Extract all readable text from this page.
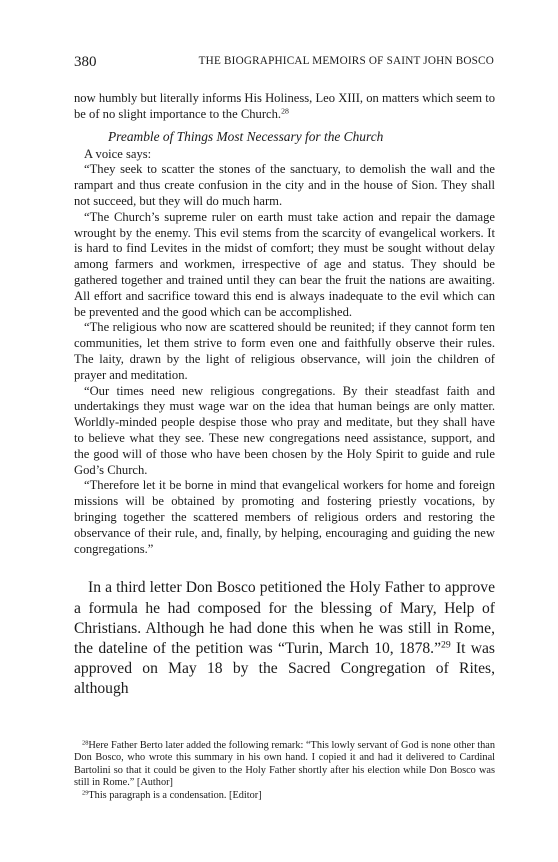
380	THE BIOGRAPHICAL MEMOIRS OF SAINT JOHN BOSCO

now humbly but literally informs His Holiness, Leo XIII, on matters which seem to be of no slight importance to the Church.$^{28}$

Preamble of Things Most Necessary for the Church

A voice says:

“They seek to scatter the stones of the sanctuary, to demolish the wall and the rampart and thus create confusion in the city and in the house of Sion. They shall not succeed, but they will do much harm.

“The Church’s supreme ruler on earth must take action and repair the damage wrought by the enemy. This evil stems from the scarcity of evangelical workers. It is hard to find Levites in the midst of comfort; they must be sought without delay among farmers and workmen, irrespective of age and status. They should be gathered together and trained until they can bear the fruit the nations are awaiting. All effort and sacrifice toward this end is always inadequate to the evil which can be prevented and the good which can be accomplished.

“The religious who now are scattered should be reunited; if they cannot form ten communities, let them strive to form even one and faithfully observe their rules. The laity, drawn by the light of religious observance, will join the children of prayer and meditation.

“Our times need new religious congregations. By their steadfast faith and undertakings they must wage war on the idea that human beings are only matter. Worldly-minded people despise those who pray and meditate, but they shall have to believe what they see. These new congregations need assistance, support, and the good will of those who have been chosen by the Holy Spirit to guide and rule God’s Church.

“Therefore let it be borne in mind that evangelical workers for home and foreign missions will be obtained by promoting and fostering priestly vocations, by bringing together the scattered members of religious orders and restoring the observance of their rule, and, finally, by helping, encouraging and guiding the new congregations.”

In a third letter Don Bosco petitioned the Holy Father to approve a formula he had composed for the blessing of Mary, Help of Christians. Although he had done this when he was still in Rome, the dateline of the petition was “Turin, March 10, 1878.”$^{29}$ It was approved on May 18 by the Sacred Congregation of Rites, although

$^{28}$Here Father Berto later added the following remark: “This lowly servant of God is none other than Don Bosco, who wrote this summary in his own hand. I copied it and had it delivered to Cardinal Bartolini so that it could be given to the Holy Father shortly after his election while Don Bosco was still in Rome.” [Author]

$^{29}$This paragraph is a condensation. [Editor]
